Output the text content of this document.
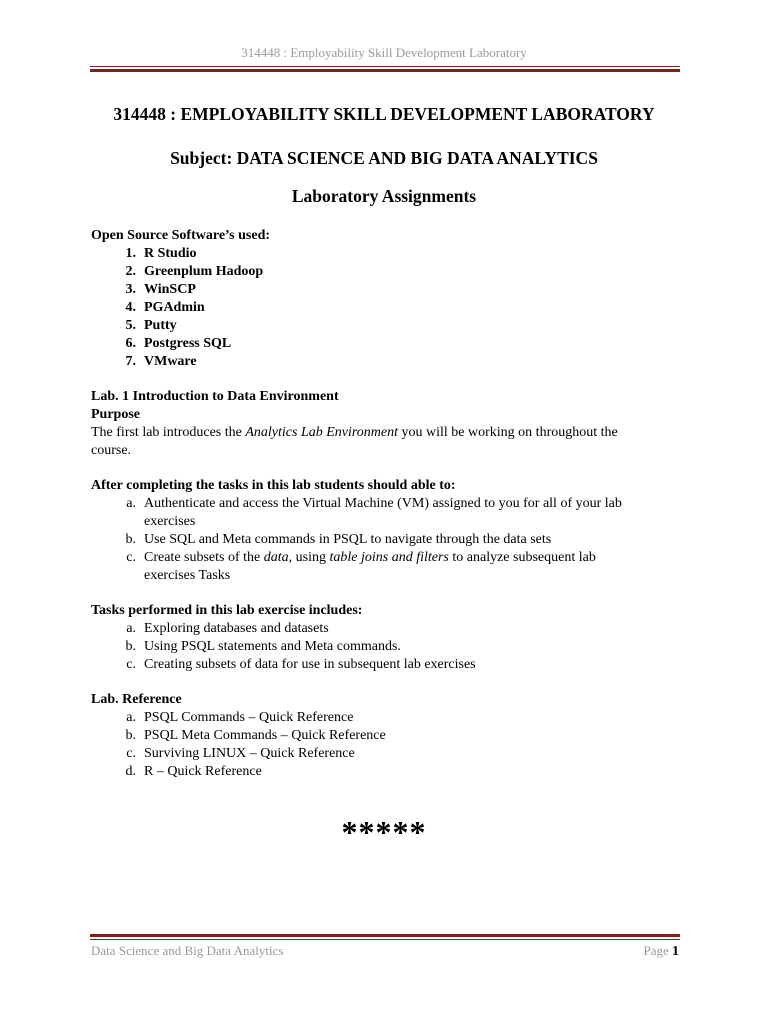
314448 : Employability Skill Development Laboratory
314448 : EMPLOYABILITY SKILL DEVELOPMENT LABORATORY
Subject: DATA SCIENCE AND BIG DATA ANALYTICS
Laboratory Assignments
Open Source Software’s used:
1. R Studio
2. Greenplum Hadoop
3. WinSCP
4. PGAdmin
5. Putty
6. Postgress SQL
7. VMware
Lab. 1 Introduction to Data Environment
Purpose
The first lab introduces the Analytics Lab Environment you will be working on throughout the
course.
After completing the tasks in this lab students should able to:
a. Authenticate and access the Virtual Machine (VM) assigned to you for all of your lab
exercises
b. Use SQL and Meta commands in PSQL to navigate through the data sets
c. Create subsets of the data, using table joins and filters to analyze subsequent lab
exercises Tasks
Tasks performed in this lab exercise includes:
a. Exploring databases and datasets
b. Using PSQL statements and Meta commands.
c. Creating subsets of data for use in subsequent lab exercises
Lab. Reference
a. PSQL Commands – Quick Reference
b. PSQL Meta Commands – Quick Reference
c. Surviving LINUX – Quick Reference
d. R – Quick Reference
*****
Data Science and Big Data Analytics	Page 1
